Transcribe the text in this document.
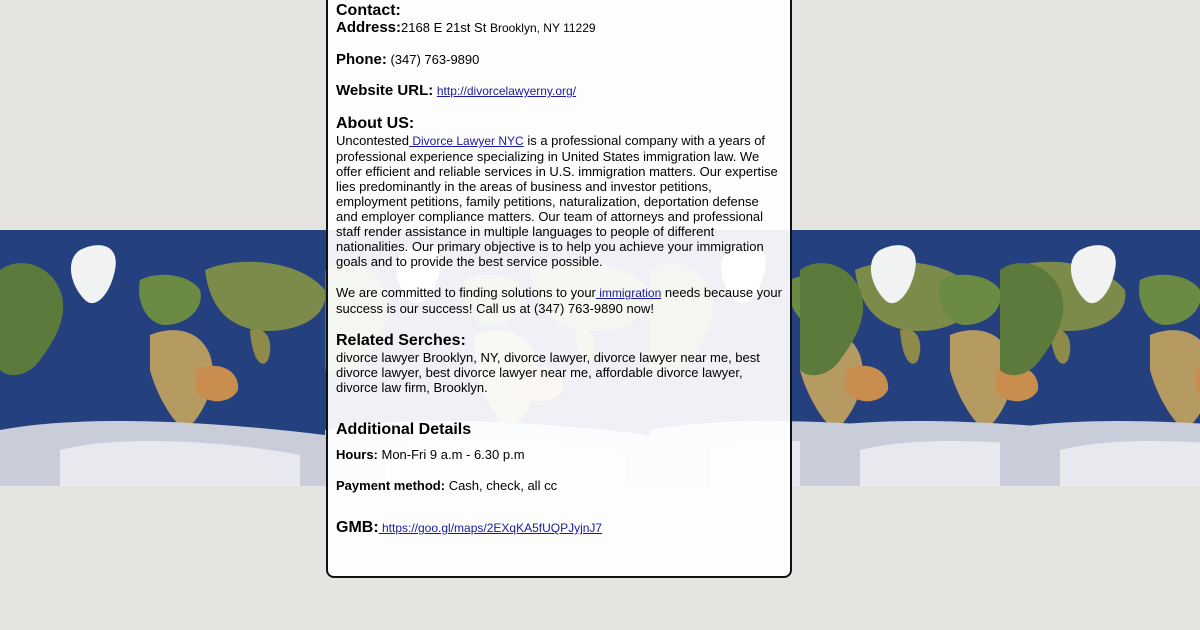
Contact:
Address:2168 E 21st St Brooklyn, NY 11229
Phone: (347) 763-9890
Website URL: http://divorcelawyerny.org/
About US:

Uncontested Divorce Lawyer NYC is a professional company with a years of professional experience specializing in United States immigration law. We offer efficient and reliable services in U.S. immigration matters. Our expertise lies predominantly in the areas of business and investor petitions, employment petitions, family petitions, naturalization, deportation defense and employer compliance matters. Our team of attorneys and professional staff render assistance in multiple languages to people of different nationalities. Our primary objective is to help you achieve your immigration goals and to provide the best service possible.

We are committed to finding solutions to your immigration needs because your success is our success! Call us at (347) 763-9890 now!

Related Serches:

divorce lawyer Brooklyn, NY, divorce lawyer, divorce lawyer near me, best divorce lawyer, best divorce lawyer near me, affordable divorce lawyer, divorce law firm, Brooklyn.

Additional Details
Hours: Mon-Fri 9 a.m - 6.30 p.m
Payment method: Cash, check, all cc
GMB: https://goo.gl/maps/2EXqKA5fUQPJyjnJ7
